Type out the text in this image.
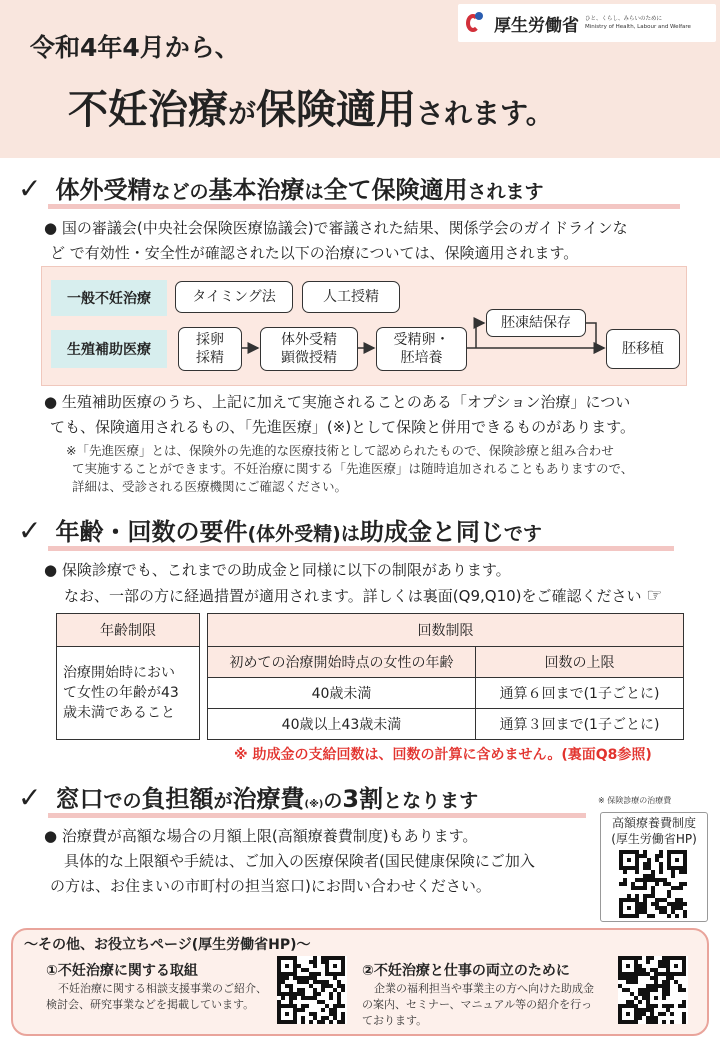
厚生労働省 ひと、くらし、みらいのために
Ministry of Health, Labour and Welfare
令和4年4月から、
不妊治療が保険適用されます。
✓ 体外受精 などの 基本治療 は 全て保険適用 されます
● 国の審議会(中央社会保険医療協議会)で審議された結果、関係学会のガイドラインな
ど で有効性・安全性が確認された以下の治療については、保険適用されます。
一般不妊治療
生殖補助医療
タイミング法	人工授精
採卵
採精
体外受精
顕微授精
受精卵・
胚培養
胚凍結保存
胚移植
● 生殖補助医療のうち、上記に加えて実施されることのある「オプション治療」につい
ても、保険適用されるもの、「先進医療」(※)として保険と併用できるものがあります。
※「先進医療」とは、保険外の先進的な医療技術として認められたもので、保険診療と組み合わせ
て実施することができます。不妊治療に関する「先進医療」は随時追加されることもありますので、
詳細は、受診される医療機関にご確認ください。
✓ 年齢 ・ 回数の要件 (体外受精) は 助成金と同じ です
● 保険診療でも、これまでの助成金と同様に以下の制限があります。
なお、一部の方に経過措置が適用されます。詳しくは裏面(Q9,Q10)をご確認ください ☞
年齢制限
治療開始時におい
て女性の年齢が43
歳未満であること
回数制限	
初めての治療開始時点の女性の年齢	回数の上限
40歳未満	通算６回まで(1子ごとに)
40歳以上43歳未満	通算３回まで(1子ごとに)
※ 助成金の支給回数は、回数の計算に含めません。(裏面Q8参照)
✓ 窓口 での 負担額 が 治療費 (※) の 3割 となります	※ 保険診療の治療費
● 治療費が高額な場合の月額上限(高額療養費制度)もあります。
具体的な上限額や手続は、ご加入の医療保険者(国民健康保険にご加入
の方は、お住まいの市町村の担当窓口)にお問い合わせください。
高額療養費制度
(厚生労働省HP)
～その他、お役立ちページ(厚生労働省HP)～
①不妊治療に関する取組
不妊治療に関する相談支援事業のご紹介、
検討会、研究事業などを掲載しています。
②不妊治療と仕事の両立のために
企業の福利担当や事業主の方へ向けた助成金
の案内、セミナー、マニュアル等の紹介を行っ
ております。
